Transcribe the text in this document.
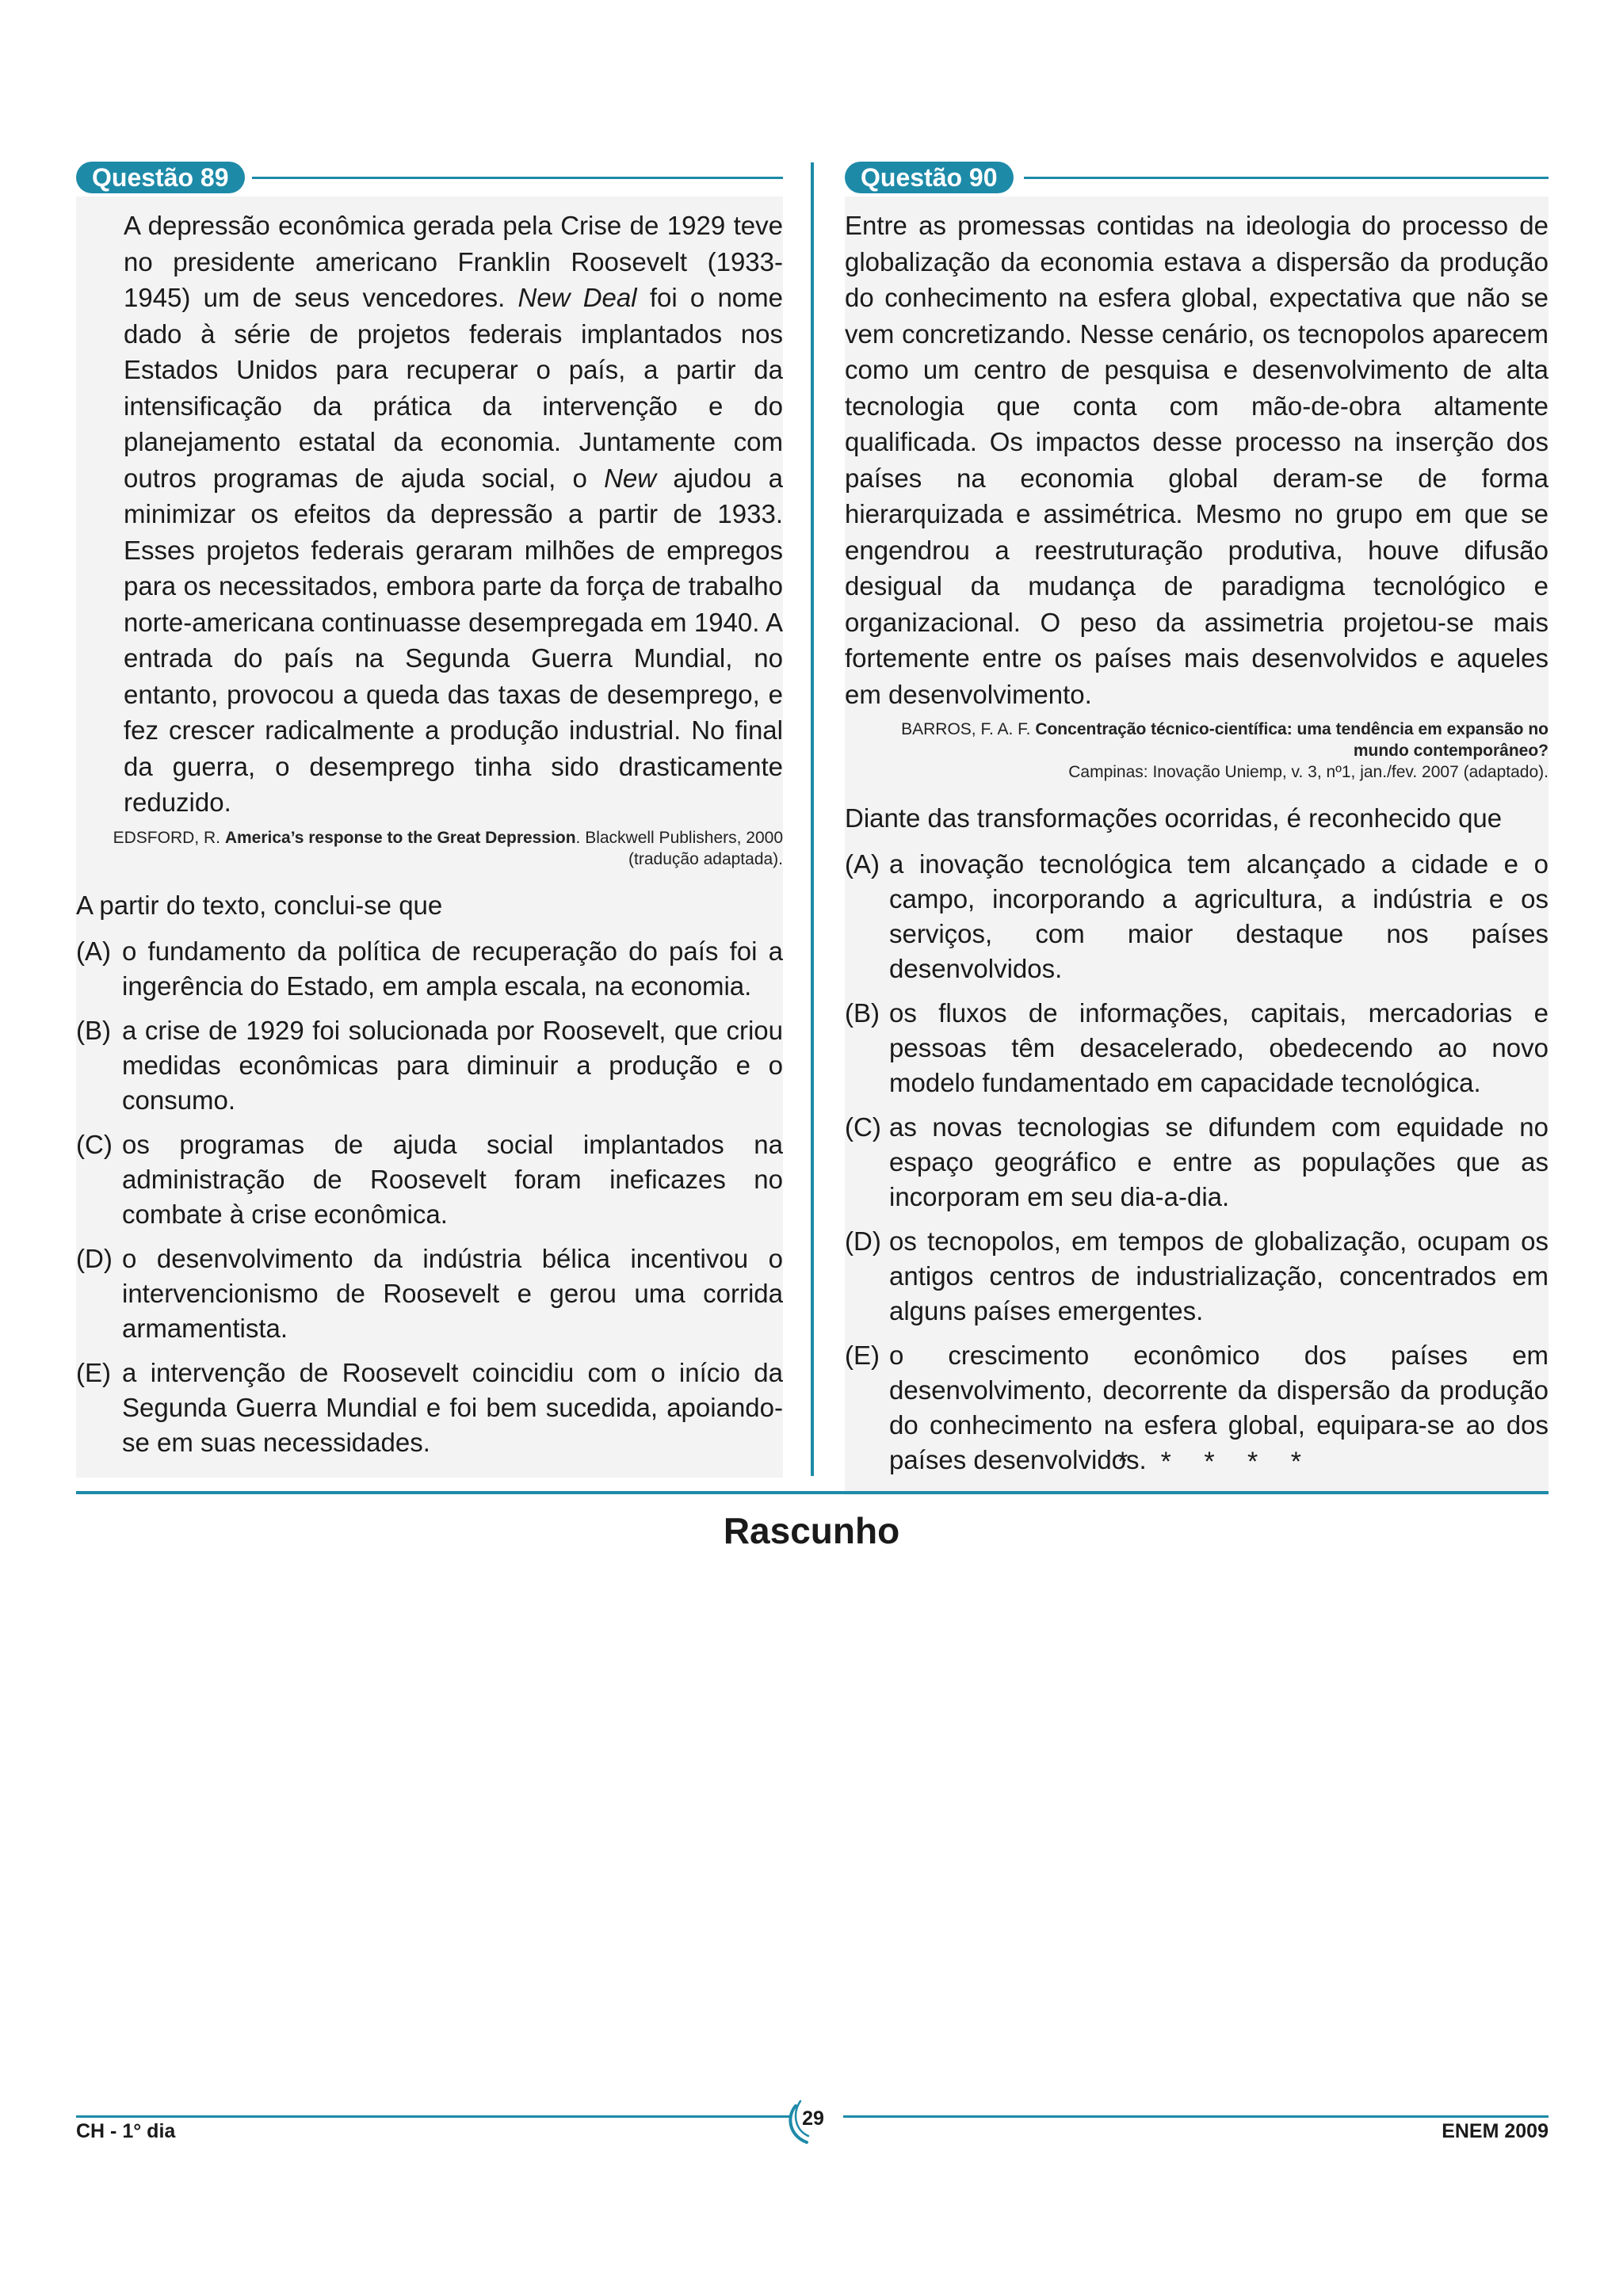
Questão 89

A depressão econômica gerada pela Crise de 1929 teve no presidente americano Franklin Roosevelt (1933-1945) um de seus vencedores. New Deal foi o nome dado à série de projetos federais implantados nos Estados Unidos para recuperar o país, a partir da intensificação da prática da intervenção e do planejamento estatal da economia. Juntamente com outros programas de ajuda social, o New ajudou a minimizar os efeitos da depressão a partir de 1933. Esses projetos federais geraram milhões de empregos para os necessitados, embora parte da força de trabalho norte-americana continuasse desempregada em 1940. A entrada do país na Segunda Guerra Mundial, no entanto, provocou a queda das taxas de desemprego, e fez crescer radicalmente a produção industrial. No final da guerra, o desemprego tinha sido drasticamente reduzido.

EDSFORD, R. America’s response to the Great Depression. Blackwell Publishers, 2000 (tradução adaptada).

A partir do texto, conclui-se que
(A) o fundamento da política de recuperação do país foi a ingerência do Estado, em ampla escala, na economia.
(B) a crise de 1929 foi solucionada por Roosevelt, que criou medidas econômicas para diminuir a produção e o consumo.
(C) os programas de ajuda social implantados na administração de Roosevelt foram ineficazes no combate à crise econômica.
(D) o desenvolvimento da indústria bélica incentivou o intervencionismo de Roosevelt e gerou uma corrida armamentista.
(E) a intervenção de Roosevelt coincidiu com o início da Segunda Guerra Mundial e foi bem sucedida, apoiando-se em suas necessidades.
Questão 90

Entre as promessas contidas na ideologia do processo de globalização da economia estava a dispersão da produção do conhecimento na esfera global, expectativa que não se vem concretizando. Nesse cenário, os tecnopolos aparecem como um centro de pesquisa e desenvolvimento de alta tecnologia que conta com mão-de-obra altamente qualificada. Os impactos desse processo na inserção dos países na economia global deram-se de forma hierarquizada e assimétrica. Mesmo no grupo em que se engendrou a reestruturação produtiva, houve difusão desigual da mudança de paradigma tecnológico e organizacional. O peso da assimetria projetou-se mais fortemente entre os países mais desenvolvidos e aqueles em desenvolvimento.

BARROS, F. A. F. Concentração técnico-científica: uma tendência em expansão no mundo contemporâneo?
Campinas: Inovação Uniemp, v. 3, nº1, jan./fev. 2007 (adaptado).

Diante das transformações ocorridas, é reconhecido que
(A) a inovação tecnológica tem alcançado a cidade e o campo, incorporando a agricultura, a indústria e os serviços, com maior destaque nos países desenvolvidos.
(B) os fluxos de informações, capitais, mercadorias e pessoas têm desacelerado, obedecendo ao novo modelo fundamentado em capacidade tecnológica.
(C) as novas tecnologias se difundem com equidade no espaço geográfico e entre as populações que as incorporam em seu dia-a-dia.
(D) os tecnopolos, em tempos de globalização, ocupam os antigos centros de industrialização, concentrados em alguns países emergentes.
(E) o crescimento econômico dos países em desenvolvimento, decorrente da dispersão da produção do conhecimento na esfera global, equipara-se ao dos países desenvolvidos.
* * * * *
Rascunho
CH - 1° dia
29
ENEM 2009
